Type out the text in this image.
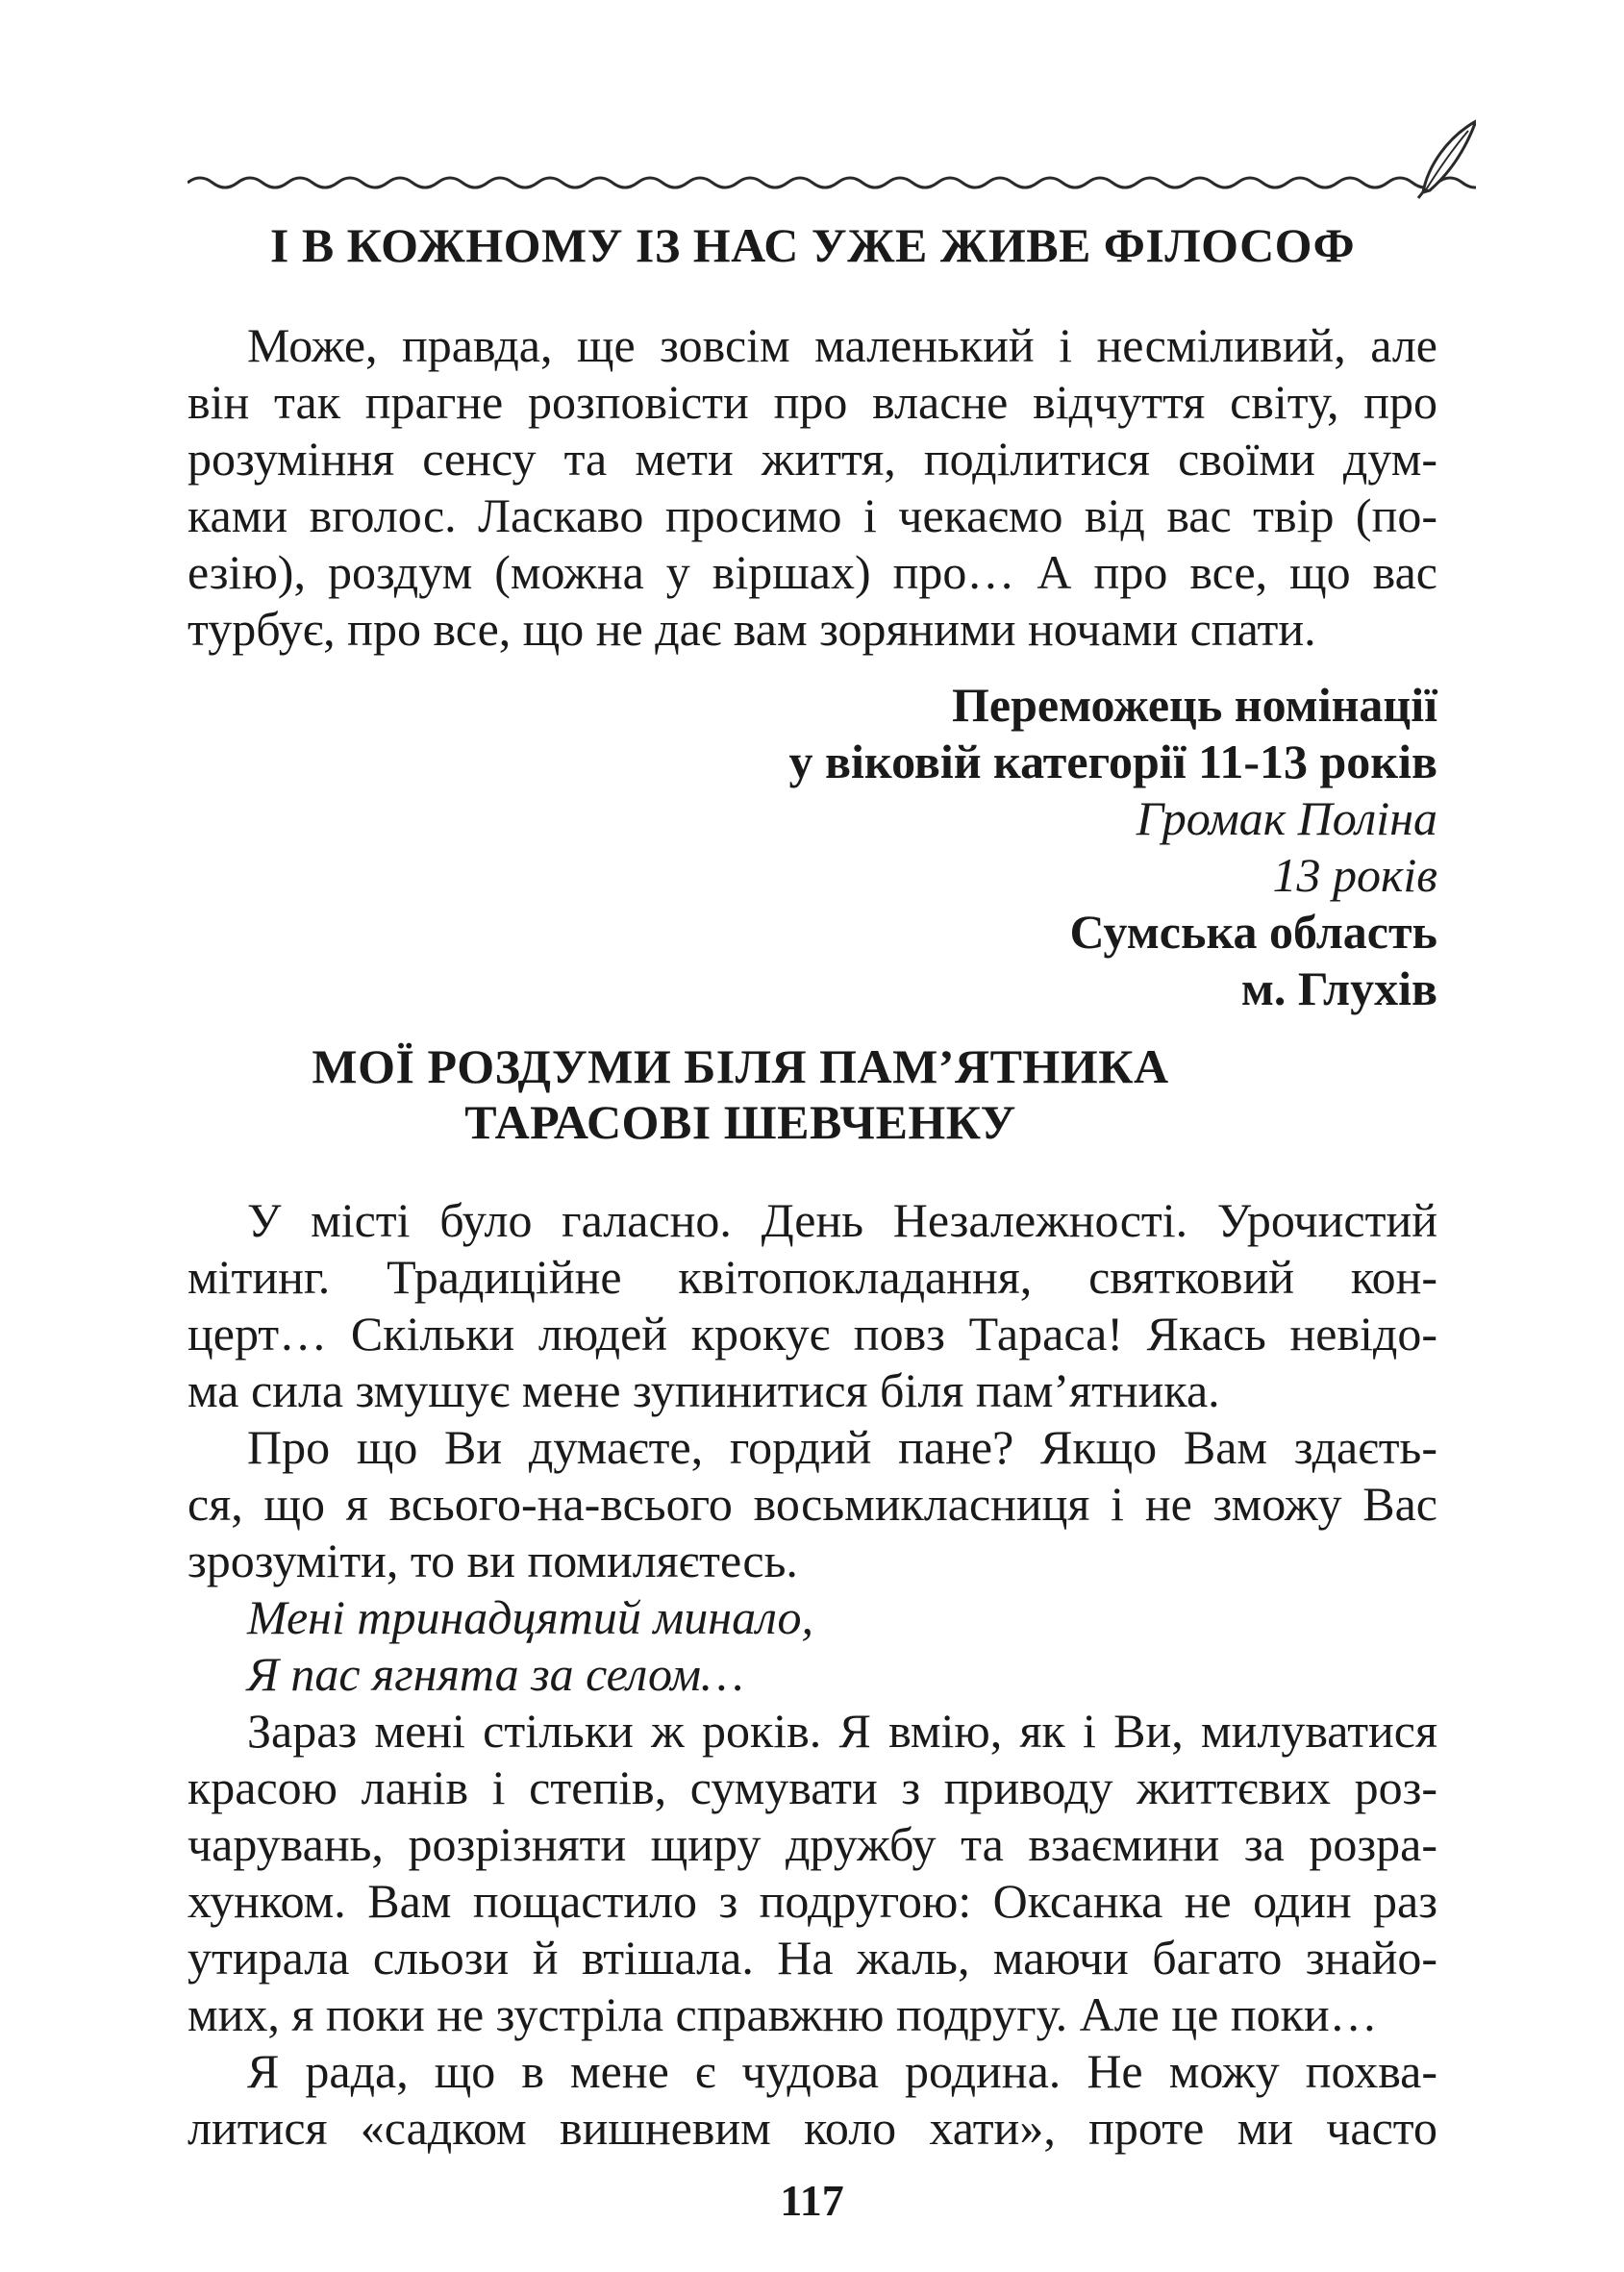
І В КОЖНОМУ ІЗ НАС УЖЕ ЖИВЕ ФІЛОСОФ
Може, правда, ще зовсім маленький і несміливий, але
він так прагне розповісти про власне відчуття світу, про
розуміння сенсу та мети життя, поділитися своїми дум-
ками вголос. Ласкаво просимо і чекаємо від вас твір (по-
езію), роздум (можна у віршах) про… А про все, що вас
турбує, про все, що не дає вам зоряними ночами спати.
Переможець номінації
у віковій категорії 11-13 років
Громак Поліна
13 років
Сумська область
м. Глухів
МОЇ РОЗДУМИ БІЛЯ ПАМ’ЯТНИКА
ТАРАСОВІ ШЕВЧЕНКУ
У місті було галасно. День Незалежності. Урочистий
мітинг. Традиційне квітопокладання, святковий кон-
церт… Скільки людей крокує повз Тараса! Якась невідо-
ма сила змушує мене зупинитися біля пам’ятника.
Про що Ви думаєте, гордий пане? Якщо Вам здаєть-
ся, що я всього-на-всього восьмикласниця і не зможу Вас
зрозуміти, то ви помиляєтесь.
Мені тринадцятий минало,
Я пас ягнята за селом…
Зараз мені стільки ж років. Я вмію, як і Ви, милуватися
красою ланів і степів, сумувати з приводу життєвих роз-
чарувань, розрізняти щиру дружбу та взаємини за розра-
хунком. Вам пощастило з подругою: Оксанка не один раз
утирала сльози й втішала. На жаль, маючи багато знайо-
мих, я поки не зустріла справжню подругу. Але це поки…
Я рада, що в мене є чудова родина. Не можу похва-
литися «садком вишневим коло хати», проте ми часто
117
